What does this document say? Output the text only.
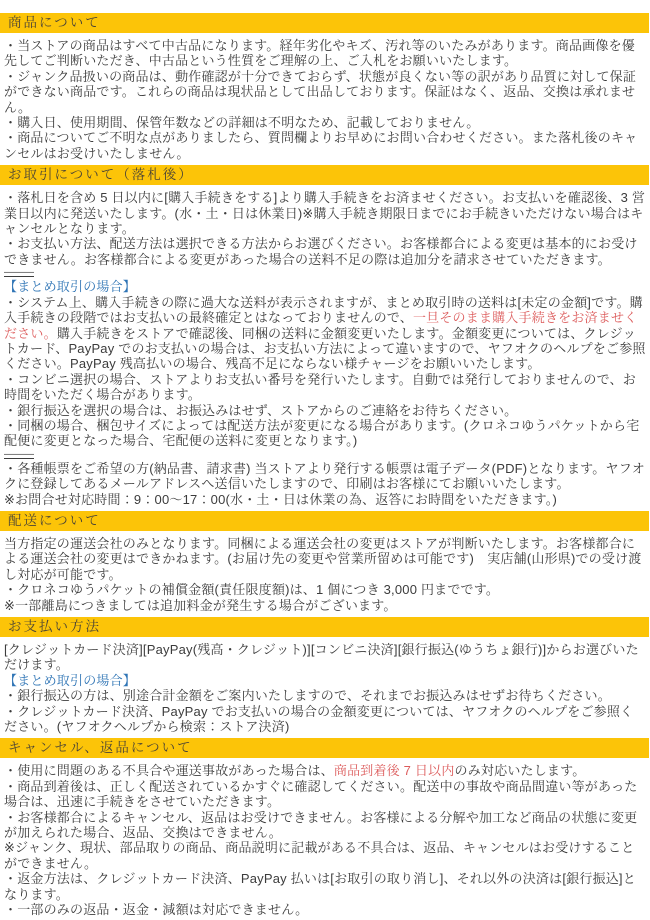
商品について

・当ストアの商品はすべて中古品になります。経年劣化やキズ、汚れ等のいたみがあります。商品画像を優先してご判断いただき、中古品という性質をご理解の上、ご入札をお願いいたします。

・ジャンク品扱いの商品は、動作確認が十分できておらず、状態が良くない等の訳があり品質に対して保証ができない商品です。これらの商品は現状品として出品しております。保証はなく、返品、交換は承れません。

・購入日、使用期間、保管年数などの詳細は不明なため、記載しておりません。

・商品についてご不明な点がありましたら、質問欄よりお早めにお問い合わせください。また落札後のキャンセルはお受けいたしません。

お取引について（落札後）

・落札日を含め 5 日以内に[購入手続きをする]より購入手続きをお済ませください。お支払いを確認後、3 営業日以内に発送いたします。(水・土・日は休業日)※購入手続き期限日までにお手続きいただけない場合はキャンセルとなります。

・お支払い方法、配送方法は選択できる方法からお選びください。お客様都合による変更は基本的にお受けできません。お客様都合による変更があった場合の送料不足の際は追加分を請求させていただきます。

―――

【まとめ取引の場合】

・システム上、購入手続きの際に過大な送料が表示されますが、まとめ取引時の送料は[未定の金額]です。購入手続きの段階ではお支払いの最終確定とはなっておりませんので、一旦そのまま購入手続きをお済ませください。購入手続きをストアで確認後、同梱の送料に金額変更いたします。金額変更については、クレジットカード、PayPay でのお支払いの場合は、お支払い方法によって違いますので、ヤフオクのヘルプをご参照ください。PayPay 残高払いの場合、残高不足にならない様チャージをお願いいたします。

・コンビニ選択の場合、ストアよりお支払い番号を発行いたします。自動では発行しておりませんので、お時間をいただく場合があります。

・銀行振込を選択の場合は、お振込みはせず、ストアからのご連絡をお待ちください。

・同梱の場合、梱包サイズによっては配送方法が変更になる場合があります。(クロネコゆうパケットから宅配便に変更となった場合、宅配便の送料に変更となります。)

―――

・各種帳票をご希望の方(納品書、請求書) 当ストアより発行する帳票は電子データ(PDF)となります。ヤフオクに登録してあるメールアドレスへ送信いたしますので、印刷はお客様にてお願いいたします。

※お問合せ対応時間：9：00～17：00(水・土・日は休業の為、返答にお時間をいただきます。)

配送について

当方指定の運送会社のみとなります。同梱による運送会社の変更はストアが判断いたします。お客様都合による運送会社の変更はできかねます。(お届け先の変更や営業所留めは可能です)　実店舗(山形県)での受け渡し対応が可能です。

・クロネコゆうパケットの補償金額(責任限度額)は、1 個につき 3,000 円までです。

※一部離島につきましては追加料金が発生する場合がございます。

お支払い方法

[クレジットカード決済][PayPay(残高・クレジット)][コンビニ決済][銀行振込(ゆうちょ銀行)]からお選びいただけます。

【まとめ取引の場合】

・銀行振込の方は、別途合計金額をご案内いたしますので、それまでお振込みはせずお待ちください。

・クレジットカード決済、PayPay でお支払いの場合の金額変更については、ヤフオクのヘルプをご参照ください。(ヤフオクヘルプから検索：ストア決済)

キャンセル、返品について

・使用に問題のある不具合や運送事故があった場合は、商品到着後 7 日以内のみ対応いたします。

・商品到着後は、正しく配送されているかすぐに確認してください。配送中の事故や商品間違い等があった場合は、迅速に手続きをさせていただきます。

・お客様都合によるキャンセル、返品はお受けできません。お客様による分解や加工など商品の状態に変更が加えられた場合、返品、交換はできません。

※ジャンク、現状、部品取りの商品、商品説明に記載がある不具合は、返品、キャンセルはお受けすることができません。

・返金方法は、クレジットカード決済、PayPay 払いは[お取引の取り消し]、それ以外の決済は[銀行振込]となります。

・一部のみの返品・返金・減額は対応できません。
